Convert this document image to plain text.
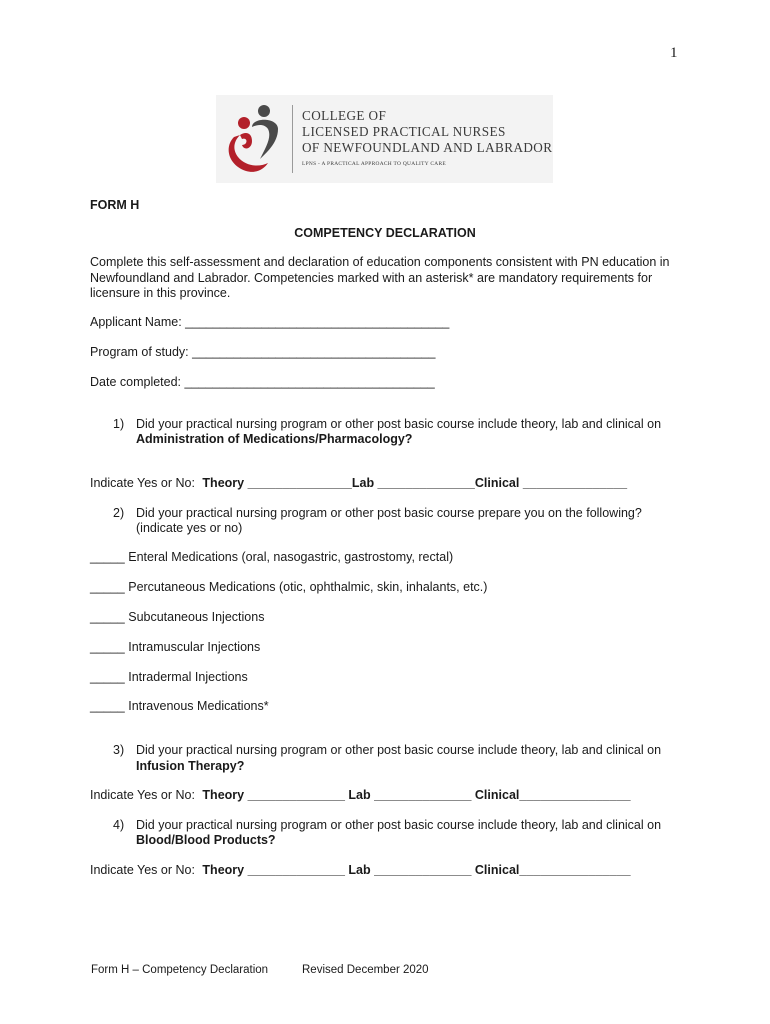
1
COLLEGE OF
LICENSED PRACTICAL NURSES
OF NEWFOUNDLAND AND LABRADOR
LPNS - A PRACTICAL APPROACH TO QUALITY CARE
FORM H
COMPETENCY DECLARATION
Complete this self-assessment and declaration of education components consistent with PN education in
Newfoundland and Labrador. Competencies marked with an asterisk* are mandatory requirements for
licensure in this province.
Applicant Name: ______________________________________
Program of study: ___________________________________
Date completed: ____________________________________
1) Did your practical nursing program or other post basic course include theory, lab and clinical on
Administration of Medications/Pharmacology?
Indicate Yes or No: Theory _______________Lab ______________Clinical _______________
2) Did your practical nursing program or other post basic course prepare you on the following?
(indicate yes or no)
_____ Enteral Medications (oral, nasogastric, gastrostomy, rectal)
_____ Percutaneous Medications (otic, ophthalmic, skin, inhalants, etc.)
_____ Subcutaneous Injections
_____ Intramuscular Injections
_____ Intradermal Injections
_____ Intravenous Medications*
3) Did your practical nursing program or other post basic course include theory, lab and clinical on
Infusion Therapy?
Indicate Yes or No: Theory ______________ Lab ______________ Clinical________________
4) Did your practical nursing program or other post basic course include theory, lab and clinical on
Blood/Blood Products?
Indicate Yes or No: Theory ______________ Lab ______________ Clinical________________
Form H – Competency Declaration	Revised December 2020
